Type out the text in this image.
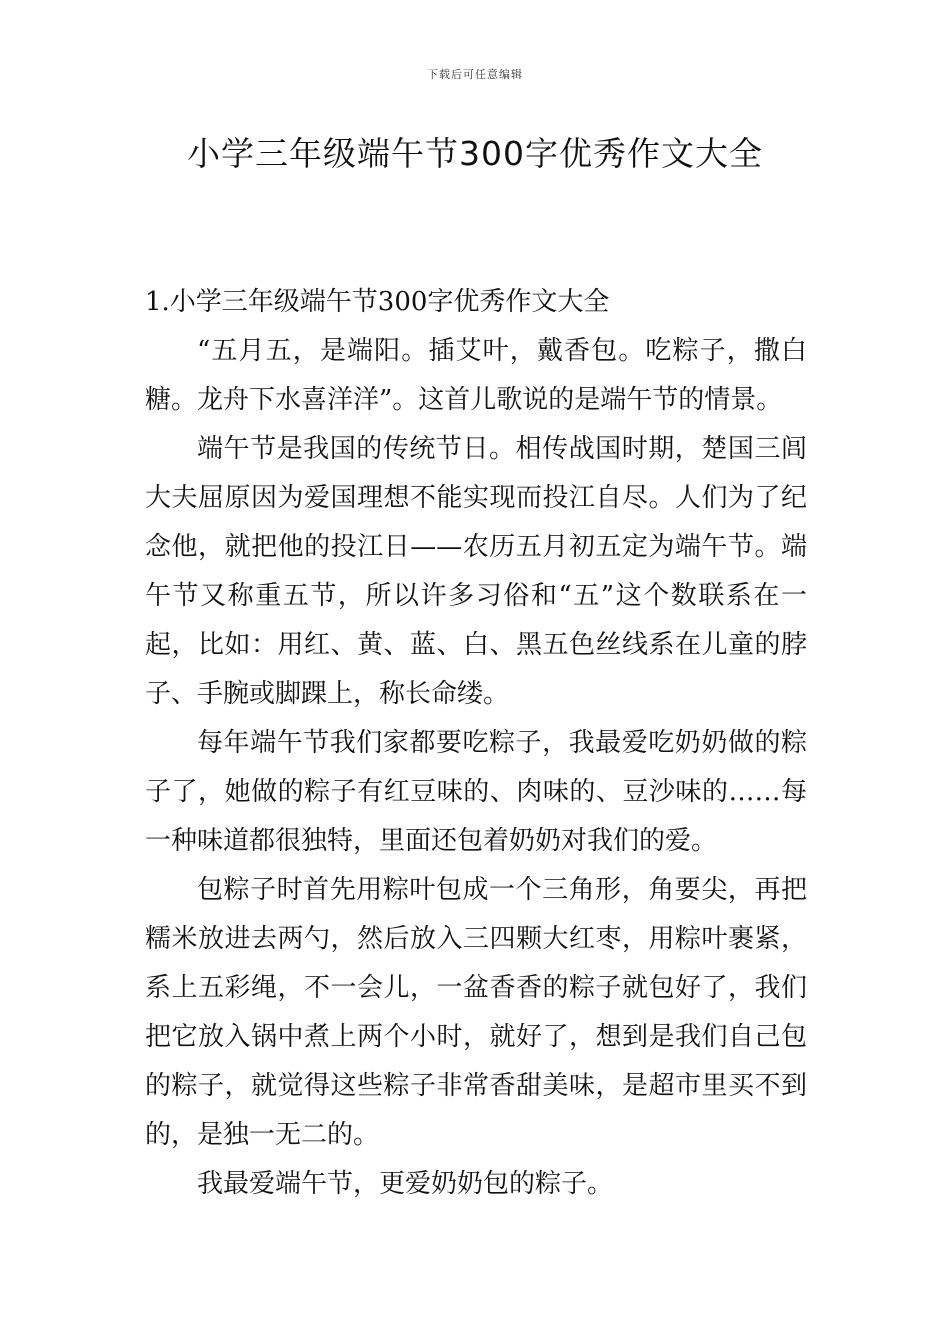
下载后可任意编辑
小学三年级端午节300字优秀作文大全

1.小学三年级端午节300字优秀作文大全

“五月五，是端阳。插艾叶，戴香包。吃粽子，撒白糖。龙舟下水喜洋洋”。这首儿歌说的是端午节的情景。

端午节是我国的传统节日。相传战国时期，楚国三闾大夫屈原因为爱国理想不能实现而投江自尽。人们为了纪念他，就把他的投江日——农历五月初五定为端午节。端午节又称重五节，所以许多习俗和“五”这个数联系在一起，比如：用红、黄、蓝、白、黑五色丝线系在儿童的脖子、手腕或脚踝上，称长命缕。

每年端午节我们家都要吃粽子，我最爱吃奶奶做的粽子了，她做的粽子有红豆味的、肉味的、豆沙味的……每一种味道都很独特，里面还包着奶奶对我们的爱。

包粽子时首先用粽叶包成一个三角形，角要尖，再把糯米放进去两勺，然后放入三四颗大红枣，用粽叶裹紧，系上五彩绳，不一会儿，一盆香香的粽子就包好了，我们把它放入锅中煮上两个小时，就好了，想到是我们自己包的粽子，就觉得这些粽子非常香甜美味，是超市里买不到的，是独一无二的。

我最爱端午节，更爱奶奶包的粽子。
